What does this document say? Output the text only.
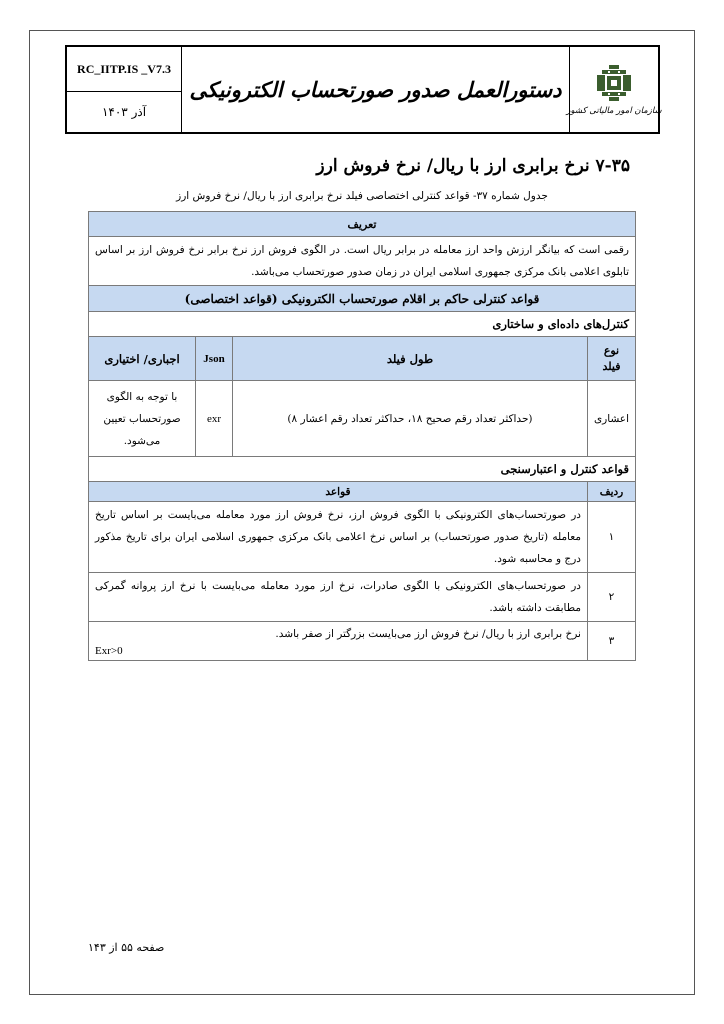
RC_IITP.IS _V7.3
آذر ۱۴۰۳
دستورالعمل صدور صورتحساب الکترونیکی
سازمان امور مالیاتی کشور
۷-۳۵ نرخ برابری ارز با ریال/ نرخ فروش ارز
جدول شماره ۳۷- قواعد کنترلی اختصاصی فیلد نرخ برابری ارز با ریال/ نرخ فروش ارز
تعریف			
رقمی است که بیانگر ارزش واحد ارز معامله در برابر ریال است. در الگوی فروش ارز نرخ برابر نرخ فروش ارز بر اساس تابلوی اعلامی بانک مرکزی جمهوری اسلامی ایران در زمان صدور صورتحساب می‌باشد.			
قواعد کنترلی حاکم بر اقلام صورتحساب الکترونیکی (قواعد اختصاصی)			
کنترل‌های داده‌ای و ساختاری			
نوع فیلد	طول فیلد	Json	اجباری/ اختیاری
اعشاری	(حداکثر تعداد رقم صحیح ۱۸، حداکثر تعداد رقم اعشار ۸)	exr	با توجه به الگوی صورتحساب تعیین می‌شود.
قواعد کنترل و اعتبارسنجی			
ردیف	قواعد		
۱	در صورتحساب‌های الکترونیکی با الگوی فروش ارز، نرخ فروش ارز مورد معامله می‌بایست بر اساس تاریخ معامله (تاریخ صدور صورتحساب) بر اساس نرخ اعلامی بانک مرکزی جمهوری اسلامی ایران برای تاریخ مذکور درج و محاسبه شود.		
۲	در صورتحساب‌های الکترونیکی با الگوی صادرات، نرخ ارز مورد معامله می‌بایست با نرخ ارز پروانه گمرکی مطابقت داشته باشد.		
۳	نرخ برابری ارز با ریال/ نرخ فروش ارز می‌بایست بزرگتر از صفر باشد.
Exr>0		
صفحه ۵۵ از ۱۴۳
